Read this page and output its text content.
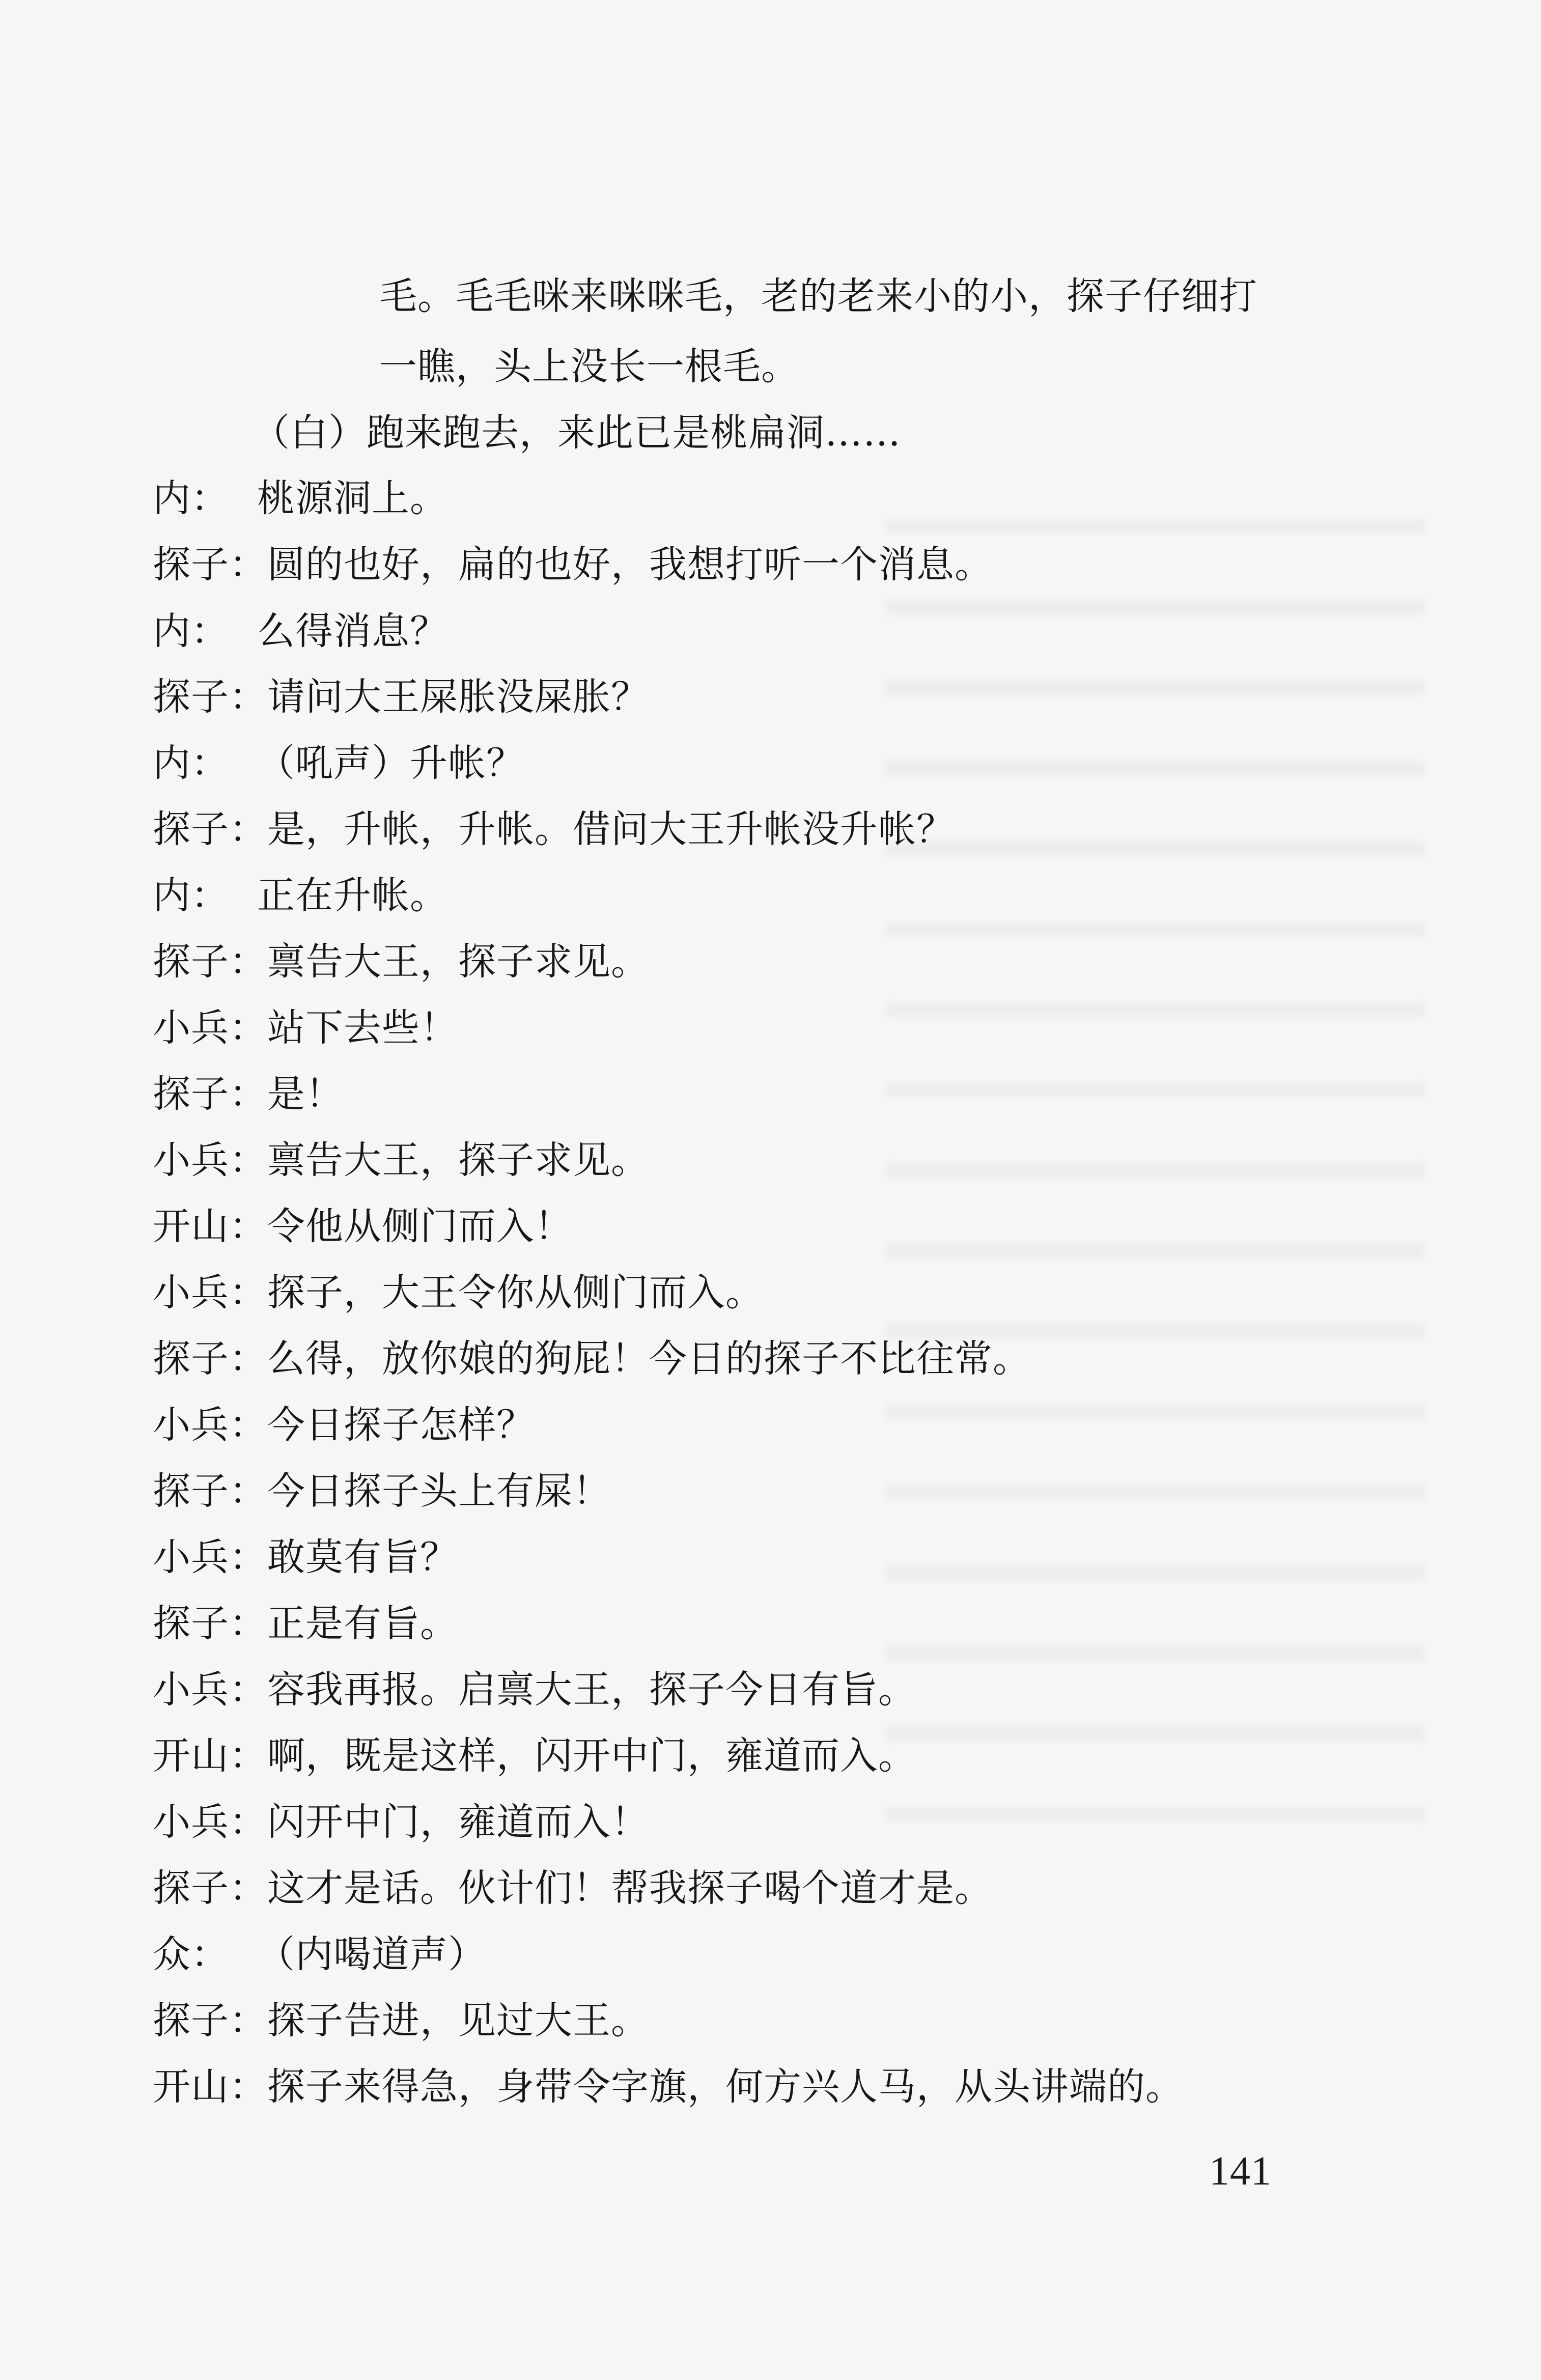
毛。毛毛咪来咪咪毛，老的老来小的小，探子仔细打
一瞧，头上没长一根毛。
（白）跑来跑去，来此已是桃扁洞……
内： 桃源洞上。
探子：圆的也好，扁的也好，我想打听一个消息。
内： 么得消息？
探子：请问大王屎胀没屎胀？
内： （吼声）升帐？
探子：是，升帐，升帐。借问大王升帐没升帐？
内： 正在升帐。
探子：禀告大王，探子求见。
小兵：站下去些！
探子：是！
小兵：禀告大王，探子求见。
开山：令他从侧门而入！
小兵：探子，大王令你从侧门而入。
探子：么得，放你娘的狗屁！今日的探子不比往常。
小兵：今日探子怎样？
探子：今日探子头上有屎！
小兵：敢莫有旨？
探子：正是有旨。
小兵：容我再报。启禀大王，探子今日有旨。
开山：啊，既是这样，闪开中门，雍道而入。
小兵：闪开中门，雍道而入！
探子：这才是话。伙计们！帮我探子喝个道才是。
众： （内喝道声）
探子：探子告进，见过大王。
开山：探子来得急，身带令字旗，何方兴人马，从头讲端的。
141
